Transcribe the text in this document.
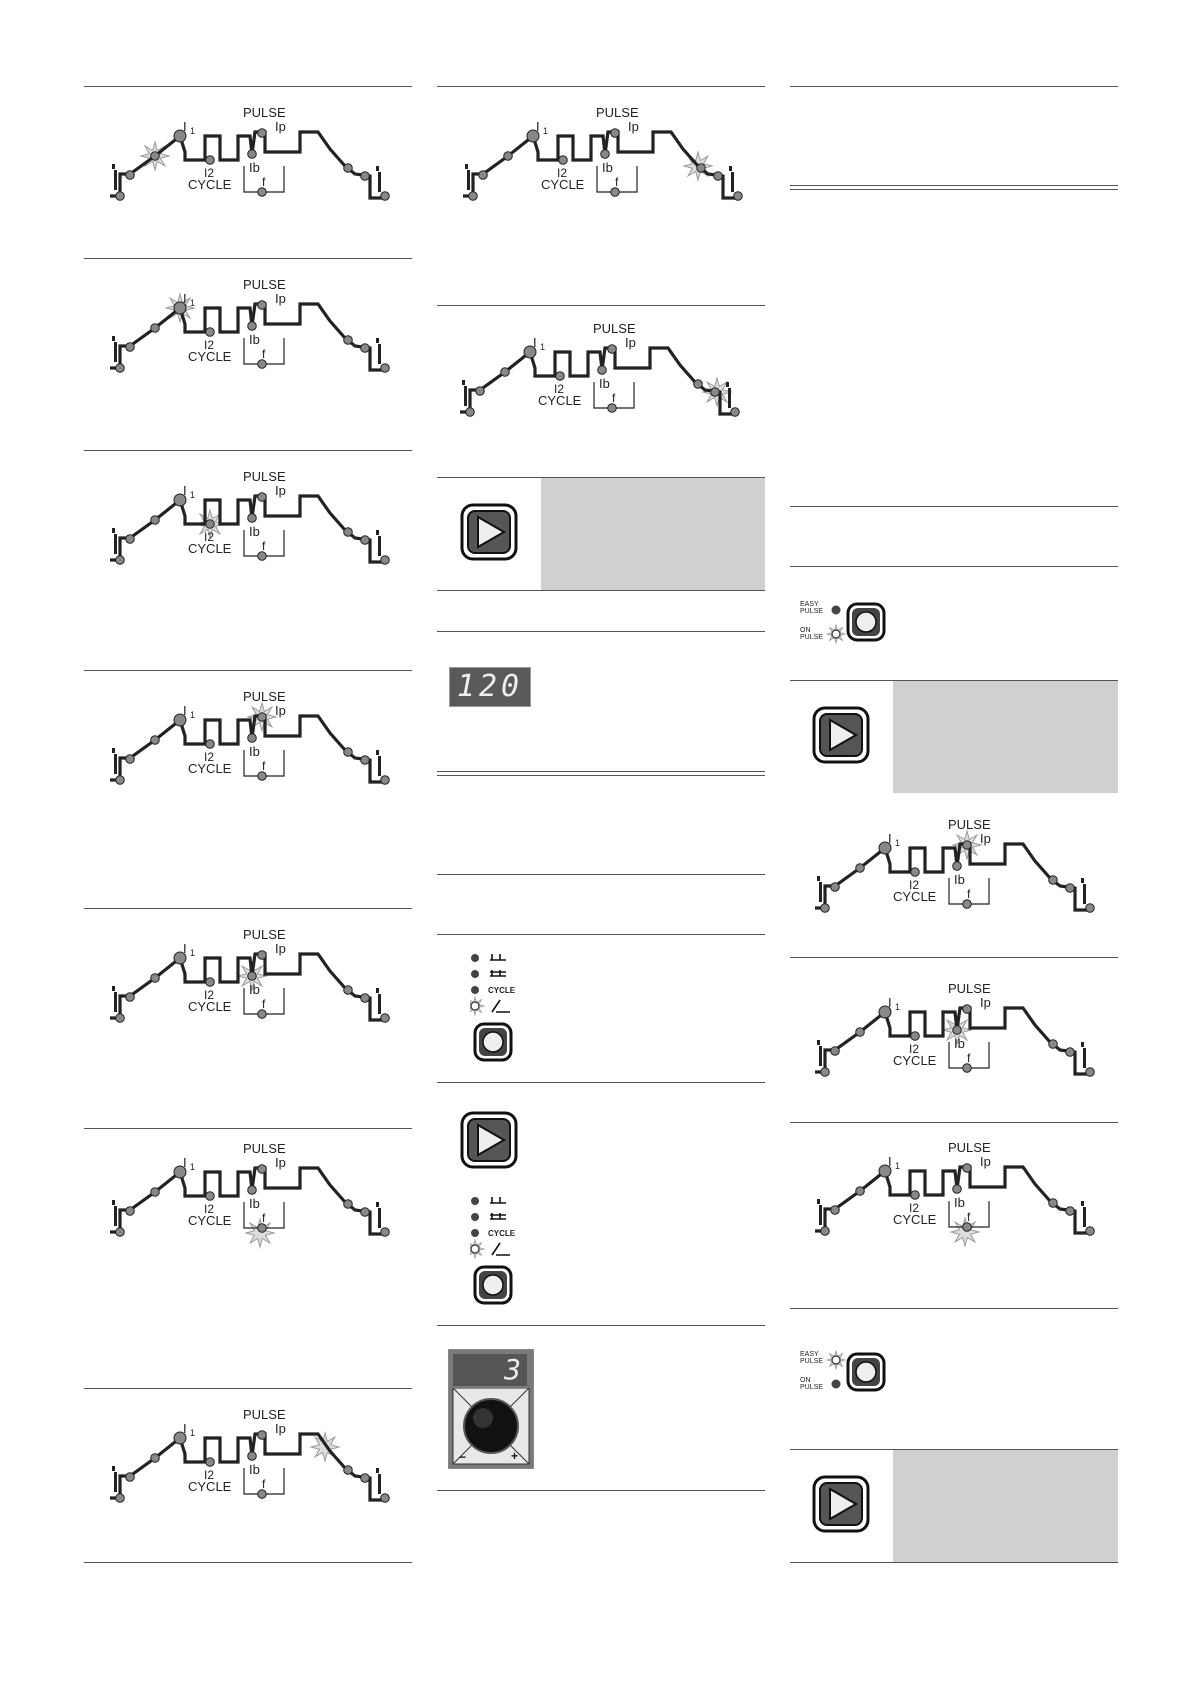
PULSE
Ip
I 1
I2	Ib
f
CYCLE
PULSE
Ip
I 1
I2	Ib
f
CYCLE
PULSE
Ip
I 1
I2	Ib
f
CYCLE
PULSE
Ip
I 1
I2	Ib
f
CYCLE
PULSE
Ip
I 1
I2	Ib
f
CYCLE
PULSE
Ip
I 1
I2	Ib
f
CYCLE
PULSE
Ip
I 1
I2	Ib
f
CYCLE
PULSE
Ip
I 1
I2	Ib
f
CYCLE
PULSE
Ip
I 1
I2	Ib
f
CYCLE
120
CYCLE
CYCLE
3
−	+
EASY
PULSE
ON
PULSE
PULSE
Ip
I 1
I2	Ib
f
CYCLE
PULSE
Ip
I 1
I2	Ib
f
CYCLE
PULSE
Ip
I 1
I2	Ib
f
CYCLE
EASY
PULSE
ON
PULSE
